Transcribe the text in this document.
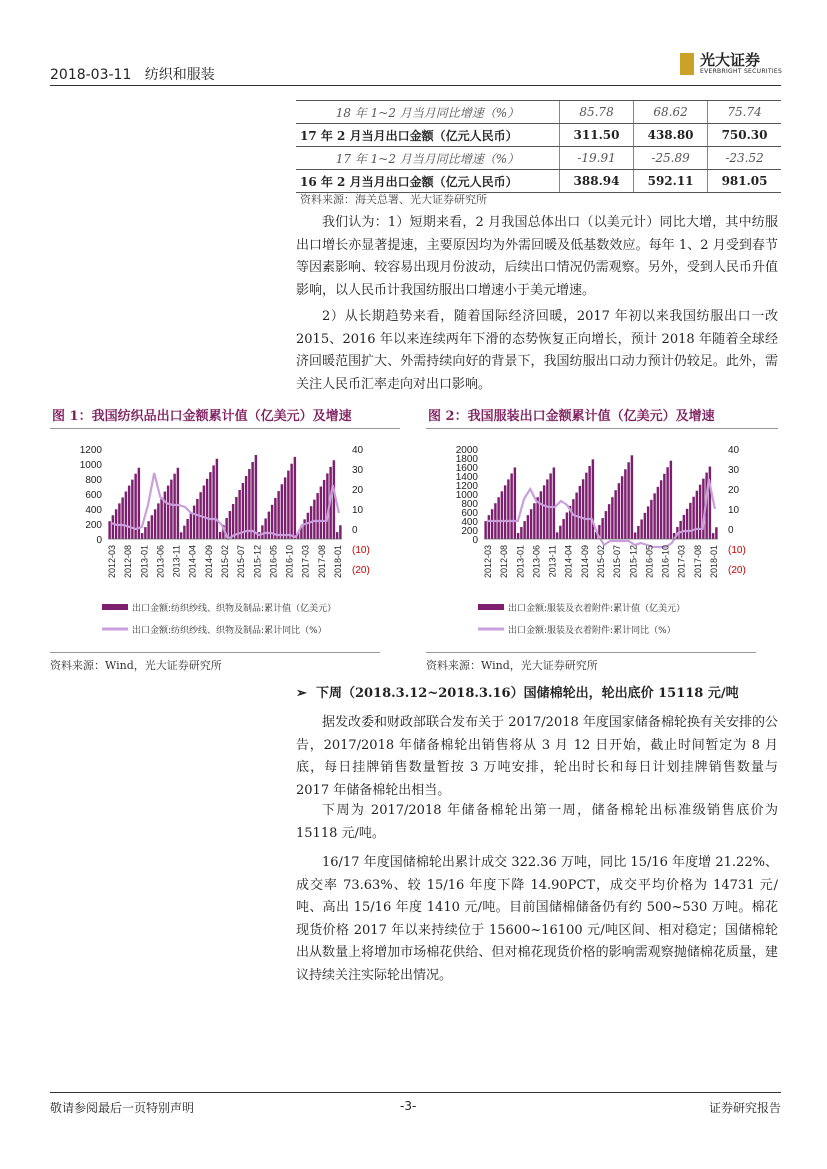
2018-03-11 纺织和服装
光大证券
EVERBRIGHT SECURITIES
18 年 1~2 月当月同比增速（%）	85.78	68.62	75.74
17 年 2 月当月出口金额（亿元人民币）	311.50	438.80	750.30
17 年 1~2 月当月同比增速（%）	-19.91	-25.89	-23.52
16 年 2 月当月出口金额（亿元人民币）	388.94	592.11	981.05
资料来源：海关总署、光大证券研究所

我们认为：1）短期来看，2 月我国总体出口（以美元计）同比大增，其中纺服出口增长亦显著提速，主要原因均为外需回暖及低基数效应。每年 1、2 月受到春节等因素影响、较容易出现月份波动，后续出口情况仍需观察。另外，受到人民币升值影响，以人民币计我国纺服出口增速小于美元增速。

2）从长期趋势来看，随着国际经济回暖，2017 年初以来我国纺服出口一改 2015、2016 年以来连续两年下滑的态势恢复正向增长，预计 2018 年随着全球经济回暖范围扩大、外需持续向好的背景下，我国纺服出口动力预计仍较足。此外，需关注人民币汇率走向对出口影响。

图 1：我国纺织品出口金额累计值（亿美元）及增速	图 2：我国服装出口金额累计值（亿美元）及增速
0
200
400
600
800
1000
1200	40
30
20
10
0
(10)
(20)
2012-03 2012-08 2013-01 2013-06 2013-11 2014-04 2014-09 2015-02 2015-07 2015-12 2016-05 2016-10 2017-03 2017-08 2018-01
出口金额:纺织纱线、织物及制品:累计值（亿美元）
出口金额:纺织纱线、织物及制品:累计同比（%）
0
200
400
600
800
1000
1200
1400
1600
1800
2000	40
30
20
10
0
(10)
(20)
2012-03 2012-08 2013-01 2013-06 2013-11 2014-04 2014-09 2015-02 2015-07 2015-12 2016-05 2016-10 2017-03 2017-08 2018-01
出口金额:服装及衣着附件:累计值（亿美元）
出口金额:服装及衣着附件:累计同比（%）
资料来源：Wind，光大证券研究所	资料来源：Wind，光大证券研究所
➢  下周（2018.3.12~2018.3.16）国储棉轮出，轮出底价 15118 元/吨

据发改委和财政部联合发布关于 2017/2018 年度国家储备棉轮换有关安排的公告，2017/2018 年储备棉轮出销售将从 3 月 12 日开始，截止时间暂定为 8 月底，每日挂牌销售数量暂按 3 万吨安排，轮出时长和每日计划挂牌销售数量与 2017 年储备棉轮出相当。

下周为 2017/2018 年储备棉轮出第一周，储备棉轮出标准级销售底价为 15118 元/吨。

16/17 年度国储棉轮出累计成交 322.36 万吨，同比 15/16 年度增 21.22%、成交率 73.63%、较 15/16 年度下降 14.90PCT，成交平均价格为 14731 元/吨、高出 15/16 年度 1410 元/吨。目前国储棉储备仍有约 500~530 万吨。棉花现货价格 2017 年以来持续位于 15600~16100 元/吨区间、相对稳定；国储棉轮出从数量上将增加市场棉花供给、但对棉花现货价格的影响需观察抛储棉花质量，建议持续关注实际轮出情况。

敬请参阅最后一页特别声明	-3-	证券研究报告
